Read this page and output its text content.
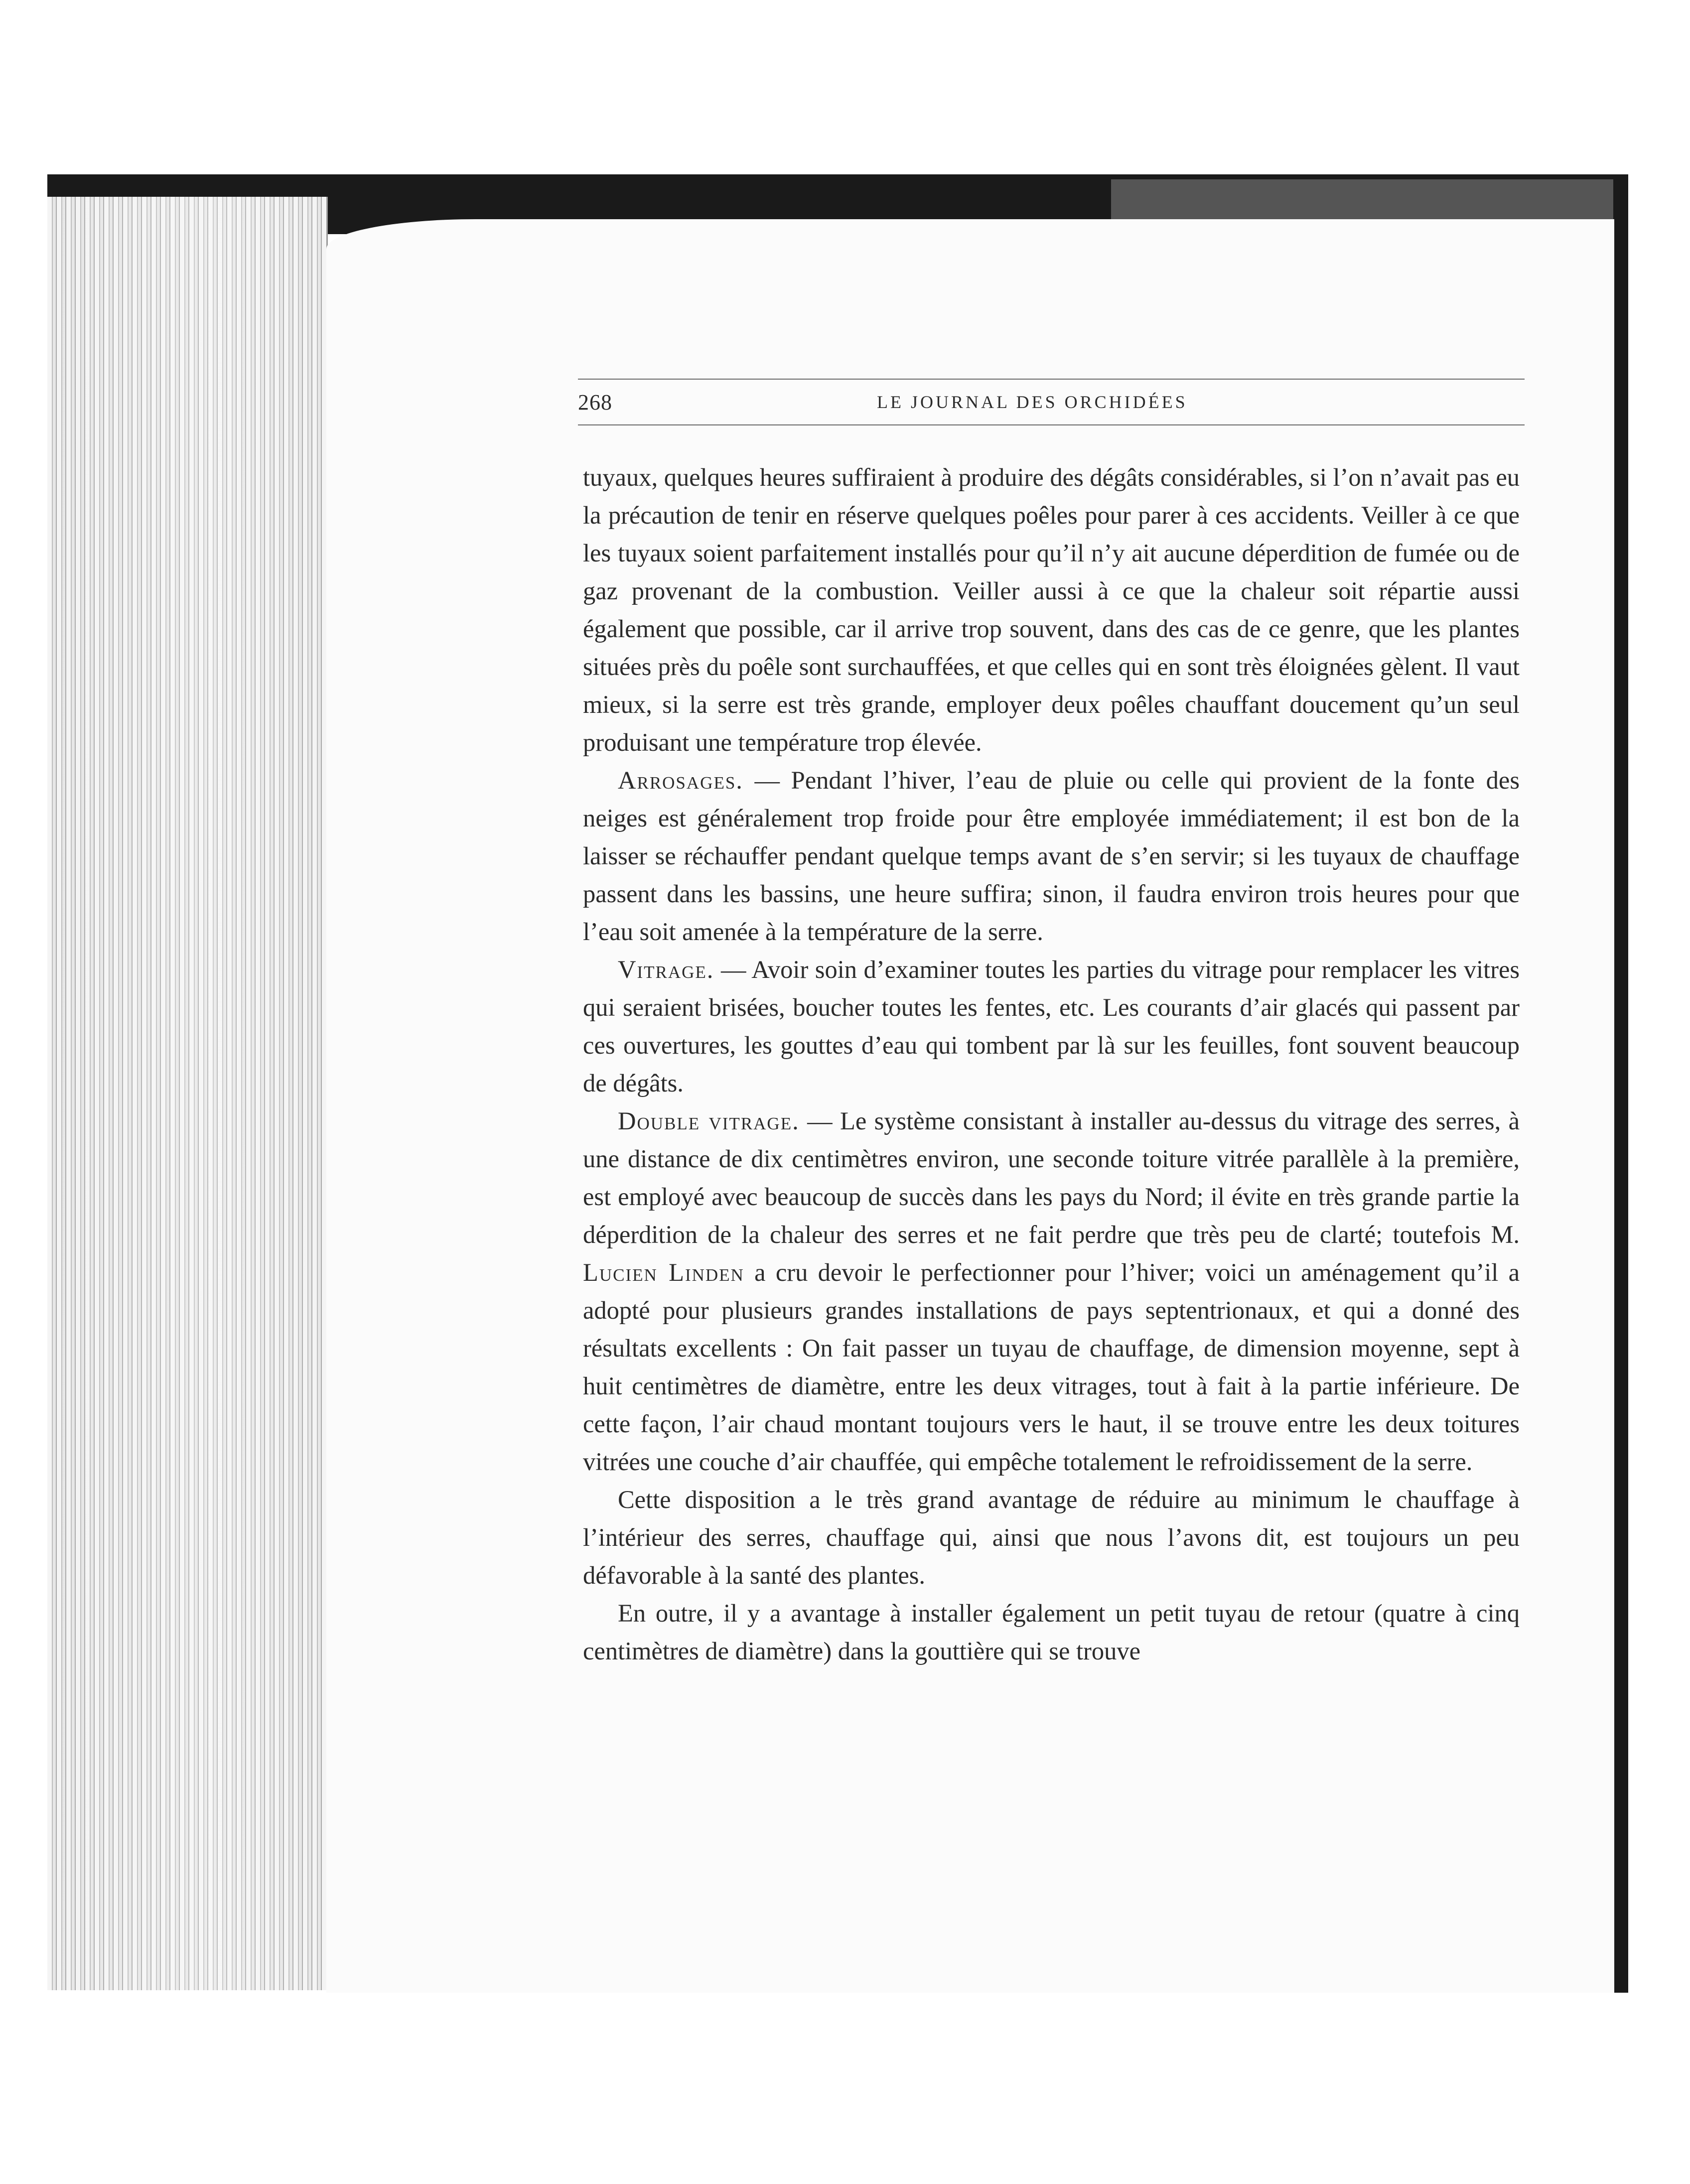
268	LE JOURNAL DES ORCHIDÉES

tuyaux, quelques heures suffiraient à produire des dégâts considérables, si l’on n’avait pas eu la précaution de tenir en réserve quelques poêles pour parer à ces accidents. Veiller à ce que les tuyaux soient parfaitement installés pour qu’il n’y ait aucune déperdition de fumée ou de gaz provenant de la combustion. Veiller aussi à ce que la chaleur soit répartie aussi également que possible, car il arrive trop souvent, dans des cas de ce genre, que les plantes situées près du poêle sont surchauffées, et que celles qui en sont très éloignées gèlent. Il vaut mieux, si la serre est très grande, employer deux poêles chauffant doucement qu’un seul produisant une température trop élevée.

Arrosages. — Pendant l’hiver, l’eau de pluie ou celle qui provient de la fonte des neiges est généralement trop froide pour être employée immédiatement; il est bon de la laisser se réchauffer pendant quelque temps avant de s’en servir; si les tuyaux de chauffage passent dans les bassins, une heure suffira; sinon, il faudra environ trois heures pour que l’eau soit amenée à la température de la serre.

Vitrage. — Avoir soin d’examiner toutes les parties du vitrage pour remplacer les vitres qui seraient brisées, boucher toutes les fentes, etc. Les courants d’air glacés qui passent par ces ouvertures, les gouttes d’eau qui tombent par là sur les feuilles, font souvent beaucoup de dégâts.

Double vitrage. — Le système consistant à installer au-dessus du vitrage des serres, à une distance de dix centimètres environ, une seconde toiture vitrée parallèle à la première, est employé avec beaucoup de succès dans les pays du Nord; il évite en très grande partie la déperdition de la chaleur des serres et ne fait perdre que très peu de clarté; toutefois M. Lucien Linden a cru devoir le perfectionner pour l’hiver; voici un aménagement qu’il a adopté pour plusieurs grandes installations de pays septentrionaux, et qui a donné des résultats excellents : On fait passer un tuyau de chauffage, de dimension moyenne, sept à huit centimètres de diamètre, entre les deux vitrages, tout à fait à la partie inférieure. De cette façon, l’air chaud montant toujours vers le haut, il se trouve entre les deux toitures vitrées une couche d’air chauffée, qui empêche totalement le refroidissement de la serre.

Cette disposition a le très grand avantage de réduire au minimum le chauffage à l’intérieur des serres, chauffage qui, ainsi que nous l’avons dit, est toujours un peu défavorable à la santé des plantes.

En outre, il y a avantage à installer également un petit tuyau de retour (quatre à cinq centimètres de diamètre) dans la gouttière qui se trouve
